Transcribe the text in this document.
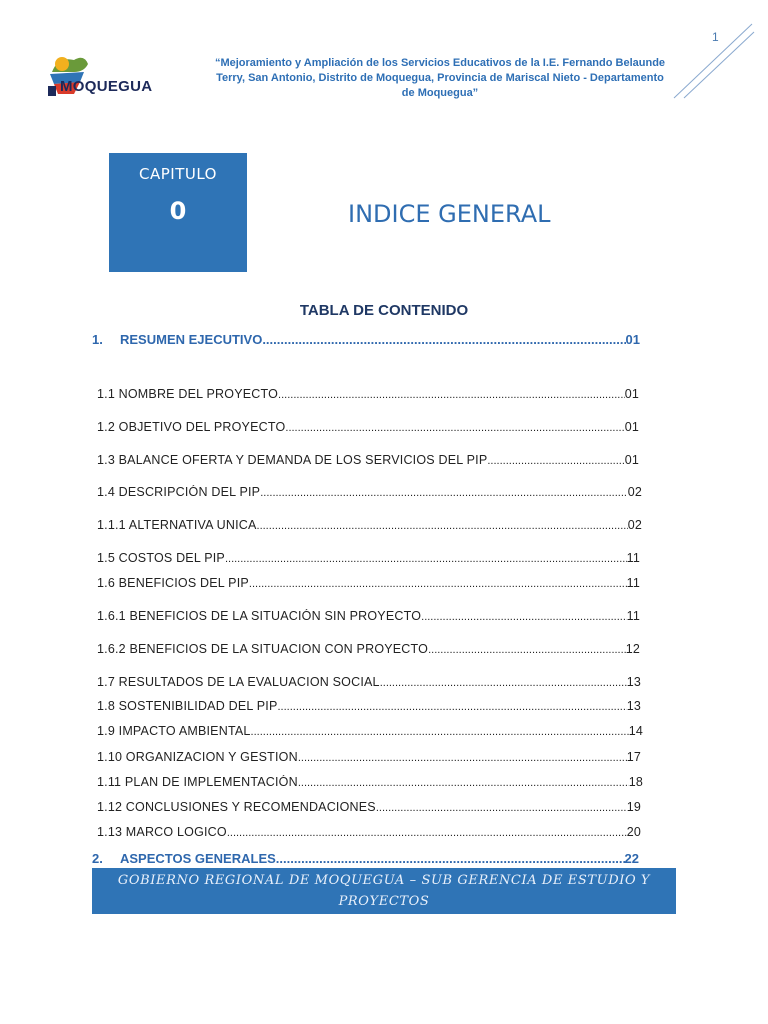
1
MOQUEGUA
“Mejoramiento y Ampliación de los Servicios Educativos de la I.E. Fernando Belaunde Terry, San Antonio, Distrito de Moquegua, Provincia de Mariscal Nieto - Departamento de Moquegua”
CAPITULO
0	INDICE GENERAL
TABLA DE CONTENIDO
1. RESUMEN EJECUTIVO .....	01
1.1 NOMBRE DEL PROYECTO .....	01
1.2 OBJETIVO DEL PROYECTO .....	01
1.3 BALANCE OFERTA Y DEMANDA DE LOS SERVICIOS DEL PIP .....	01
1.4 DESCRIPCIÓN DEL PIP .....	02
1.1.1 ALTERNATIVA UNICA .....	02
1.5 COSTOS DEL PIP .....	11
1.6 BENEFICIOS DEL PIP .....	11
1.6.1 BENEFICIOS DE LA SITUACIÓN SIN PROYECTO .....	11
1.6.2 BENEFICIOS DE LA SITUACION CON PROYECTO .....	12
1.7 RESULTADOS DE LA EVALUACION SOCIAL .....	13
1.8 SOSTENIBILIDAD DEL PIP .....	13
1.9 IMPACTO AMBIENTAL .....	14
1.10 ORGANIZACION Y GESTION .....	17
1.11 PLAN DE IMPLEMENTACIÓN .....	18
1.12 CONCLUSIONES Y RECOMENDACIONES .....	19
1.13 MARCO LOGICO .....	20
2. ASPECTOS GENERALES .....	22
GOBIERNO REGIONAL DE MOQUEGUA – SUB GERENCIA DE ESTUDIO Y
PROYECTOS
